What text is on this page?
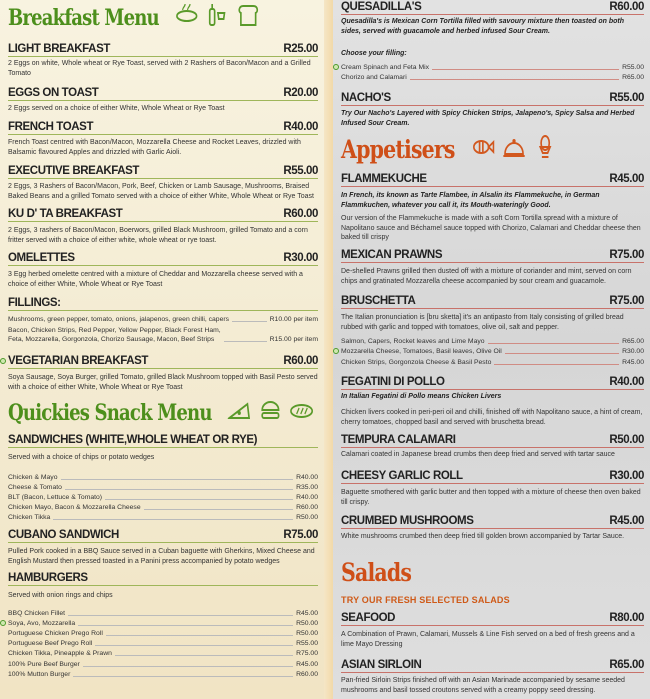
Breakfast Menu
LIGHT BREAKFAST	R25.00
2 Eggs on white, Whole wheat or Rye Toast, served with 2 Rashers of Bacon/Macon and a Grilled Tomato
EGGS ON TOAST	R20.00
2 Eggs served on a choice of either White, Whole Wheat or Rye Toast
FRENCH TOAST	R40.00
French Toast centred with Bacon/Macon, Mozzarella Cheese and Rocket Leaves, drizzled with Balsamic flavoured Apples and drizzled with Garlic Aioli.
EXECUTIVE BREAKFAST	R55.00
2 Eggs, 3 Rashers of Bacon/Macon, Pork, Beef, Chicken or Lamb Sausage, Mushrooms, Braised Baked Beans and a grilled Tomato served with a choice of either White, Whole Wheat or Rye Toast
KU D' TA BREAKFAST	R60.00
2 Eggs, 3 rashers of Bacon/Macon, Boerwors, grilled Black Mushroom, grilled Tomato and a corn fritter served with a choice of either white, whole wheat or rye toast.
OMELETTES	R30.00
3 Egg herbed omelette centred with a mixture of Cheddar and Mozzarella cheese served with a choice of either White, Whole Wheat or Rye Toast
FILLINGS:
Mushrooms, green pepper, tomato, onions, jalapenos, green chilli, capers	R10.00 per item
Bacon, Chicken Strips, Red Pepper, Yellow Pepper, Black Forest Ham,
Feta, Mozzarella, Gorgonzola, Chorizo Sausage, Macon, Beef Strips	R15.00 per item
VEGETARIAN BREAKFAST	R60.00
Soya Sausage, Soya Burger, grilled Tomato, grilled Black Mushroom topped with Basil Pesto served with a choice of either White, Whole Wheat or Rye Toast
Quickies Snack Menu
SANDWICHES (WHITE,WHOLE WHEAT OR RYE)
Served with a choice of chips or potato wedges
Chicken & Mayo	R40.00
Cheese & Tomato	R35.00
BLT (Bacon, Lettuce & Tomato)	R40.00
Chicken Mayo, Bacon & Mozzarella Cheese	R60.00
Chicken Tikka	R50.00
CUBANO SANDWICH	R75.00
Pulled Pork cooked in a BBQ Sauce served in a Cuban baguette with Gherkins, Mixed Cheese and English Mustard then pressed toasted in a Panini press accompanied by potato wedges
HAMBURGERS
Served with onion rings and chips
BBQ Chicken Fillet	R45.00
Soya, Avo, Mozzarella	R50.00
Portuguese Chicken Prego Roll	R50.00
Portuguese Beef Prego Roll	R55.00
Chicken Tikka, Pineapple & Prawn	R75.00
100% Pure Beef Burger	R45.00
100% Mutton Burger	R60.00
QUESADILLA'S	R60.00
Quesadilla's is Mexican Corn Tortilla filled with savoury mixture then toasted on both sides, served with guacamole and herbed infused Sour Cream.
Choose your filling:
Cream Spinach and Feta Mix	R55.00
Chorizo and Calamari	R65.00
NACHO'S	R55.00
Try Our Nacho's Layered with Spicy Chicken Strips, Jalapeno's, Spicy Salsa and Herbed Infused Sour Cream.
Appetisers
FLAMMEKUCHE	R45.00
In French, its known as Tarte Flambee, in Alsalin its Flammekuche, in German Flammkuchen, whatever you call it, its Mouth-wateringly Good.
Our version of the Flammekuche is made with a soft Corn Tortilla spread with a mixture of Napolitano sauce and Béchamel sauce topped with Chorizo, Calamari and Cheddar cheese then baked till crispy
MEXICAN PRAWNS	R75.00
De-shelled Prawns grilled then dusted off with a mixture of coriander and mint, served on corn chips and gratinated Mozzarella cheese accompanied by sour cream and guacamole.
BRUSCHETTA	R75.00
The Italian pronunciation is [bru sketta] it's an antipasto from Italy consisting of grilled bread rubbed with garlic and topped with tomatoes, olive oil, salt and pepper.
Salmon, Capers, Rocket leaves and Lime Mayo	R65.00
Mozzarella Cheese, Tomatoes, Basil leaves, Olive Oil	R30.00
Chicken Strips, Gorgonzola Cheese & Basil Pesto	R45.00
FEGATINI DI POLLO	R40.00
In Italian Fegatini di Pollo means Chicken Livers
Chicken livers cooked in peri-peri oil and chilli, finished off with Napolitano sauce, a hint of cream, cherry tomatoes, chopped basil and served with bruschetta bread.
TEMPURA CALAMARI	R50.00
Calamari coated in Japanese bread crumbs then deep fried and served with tartar sauce
CHEESY GARLIC ROLL	R30.00
Baguette smothered with garlic butter and then topped with a mixture of cheese then oven baked till crispy.
CRUMBED MUSHROOMS	R45.00
White mushrooms crumbed then deep fried till golden brown accompanied by Tartar Sauce.
Salads
TRY OUR FRESH SELECTED SALADS
SEAFOOD	R80.00
A Combination of Prawn, Calamari, Mussels & Line Fish served on a bed of fresh greens and a lime Mayo Dressing
ASIAN SIRLOIN	R65.00
Pan-fried Sirloin Strips finished off with an Asian Marinade accompanied by sesame seeded mushrooms and basil tossed croutons served with a creamy poppy seed dressing.
